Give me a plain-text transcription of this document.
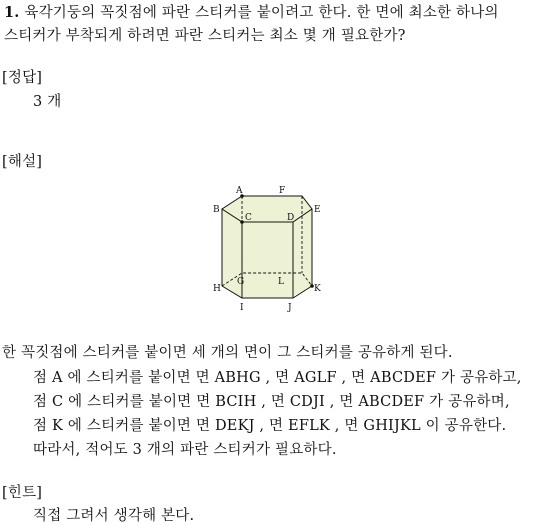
1. 육각기둥의 꼭짓점에 파란 스티커를 붙이려고 한다. 한 면에 최소한 하나의
스티커가 부착되게 하려면 파란 스티커는 최소 몇 개 필요한가?
[정답]
3 개
[해설]
A	F
B
C	D
E
G	L
H	K
I	J
한 꼭짓점에 스티커를 붙이면 세 개의 면이 그 스티커를 공유하게 된다.
점 A 에 스티커를 붙이면 면 ABHG , 면 AGLF , 면 ABCDEF 가 공유하고,
점 C 에 스티커를 붙이면 면 BCIH , 면 CDJI , 면 ABCDEF 가 공유하며,
점 K 에 스티커를 붙이면 면 DEKJ , 면 EFLK , 면 GHIJKL 이 공유한다.
따라서, 적어도 3 개의 파란 스티커가 필요하다.
[힌트]
직접 그려서 생각해 본다.
